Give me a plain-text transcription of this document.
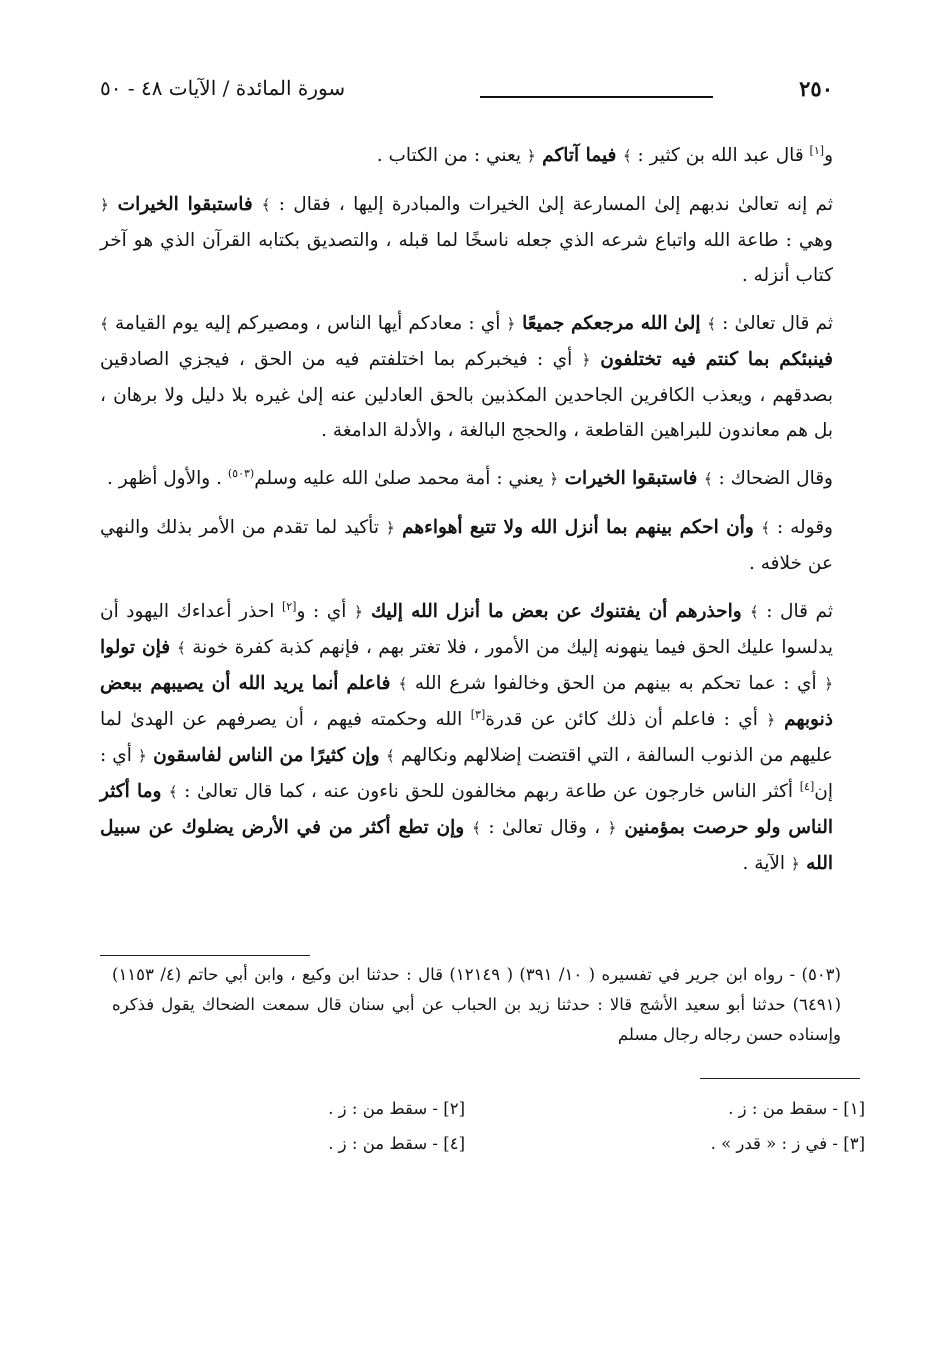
٢٥٠
سورة المائدة / الآيات ٤٨ - ٥٠

و[١] قال عبد الله بن كثير : ﴾ فيما آتاكم ﴿ يعني : من الكتاب .

ثم إنه تعالىٰ ندبهم إلىٰ المسارعة إلىٰ الخيرات والمبادرة إليها ، فقال : ﴾ فاستبقوا الخيرات ﴿ وهي : طاعة الله واتباع شرعه الذي جعله ناسخًا لما قبله ، والتصديق بكتابه القرآن الذي هو آخر كتاب أنزله .

ثم قال تعالىٰ : ﴾ إلىٰ الله مرجعكم جميعًا ﴿ أي : معادكم أيها الناس ، ومصيركم إليه يوم القيامة ﴾ فينبئكم بما كنتم فيه تختلفون ﴿ أي : فيخبركم بما اختلفتم فيه من الحق ، فيجزي الصادقين بصدقهم ، ويعذب الكافرين الجاحدين المكذبين بالحق العادلين عنه إلىٰ غيره بلا دليل ولا برهان ، بل هم معاندون للبراهين القاطعة ، والحجج البالغة ، والأدلة الدامغة .

وقال الضحاك : ﴾ فاستبقوا الخيرات ﴿ يعني : أمة محمد صلىٰ الله عليه وسلم$^{(٥٠٣)}$ . والأول أظهر .

وقوله : ﴾ وأن احكم بينهم بما أنزل الله ولا تتبع أهواءهم ﴿ تأكيد لما تقدم من الأمر بذلك والنهي عن خلافه .

ثم قال : ﴾ واحذرهم أن يفتنوك عن بعض ما أنزل الله إليك ﴿ أي : و[٢] احذر أعداءك اليهود أن يدلسوا عليك الحق فيما ينهونه إليك من الأمور ، فلا تغتر بهم ، فإنهم كذبة كفرة خونة ﴾ فإن تولوا ﴿ أي : عما تحكم به بينهم من الحق وخالفوا شرع الله ﴾ فاعلم أنما يريد الله أن يصيبهم ببعض ذنوبهم ﴿ أي : فاعلم أن ذلك كائن عن قدرة[٣] الله وحكمته فيهم ، أن يصرفهم عن الهدىٰ لما عليهم من الذنوب السالفة ، التي اقتضت إضلالهم ونكالهم ﴾ وإن كثيرًا من الناس لفاسقون ﴿ أي : إن[٤] أكثر الناس خارجون عن طاعة ربهم مخالفون للحق ناءون عنه ، كما قال تعالىٰ : ﴾ وما أكثر الناس ولو حرصت بمؤمنين ﴿ ، وقال تعالىٰ : ﴾ وإن تطع أكثر من في الأرض يضلوك عن سبيل الله ﴿ الآية .

(٥٠٣) - رواه ابن جرير في تفسيره ( ١٠/ ٣٩١) ( ١٢١٤٩) قال : حدثنا ابن وكيع ، وابن أبي حاتم (٤/ ١١٥٣) (٦٤٩١) حدثنا أبو سعيد الأشج قالا : حدثنا زيد بن الحباب عن أبي سنان قال سمعت الضحاك يقول فذكره وإسناده حسن رجاله رجال مسلم
[١] - سقط من : ز .
[٢] - سقط من : ز .
[٣] - في ز : « قدر » .
[٤] - سقط من : ز .
